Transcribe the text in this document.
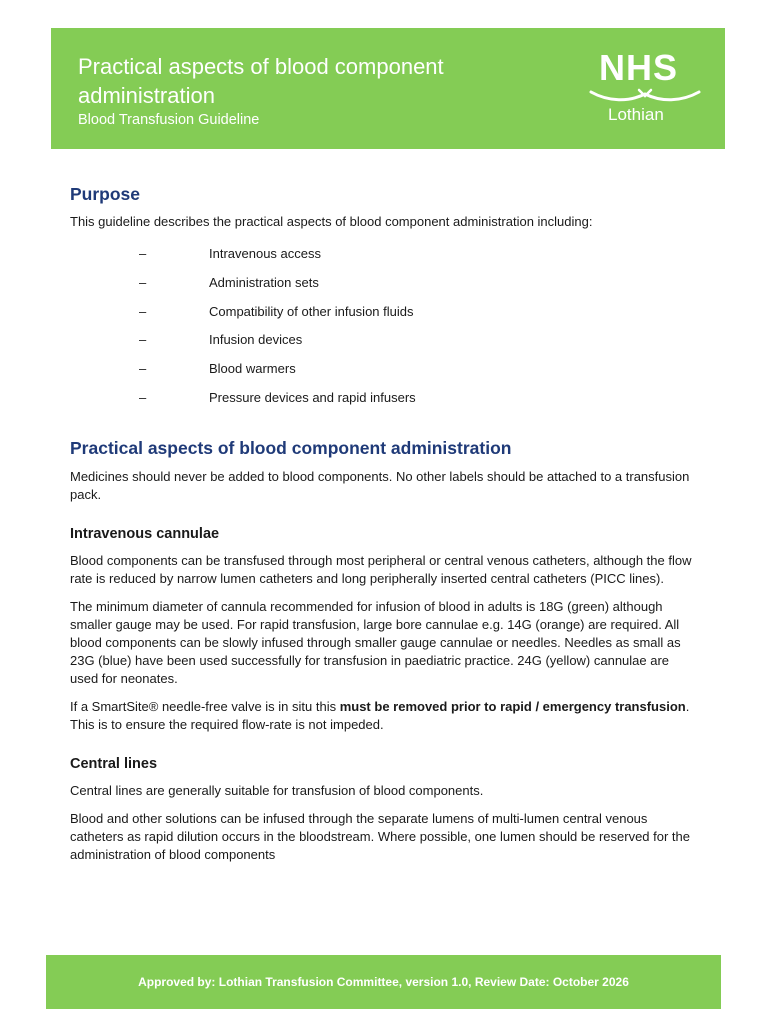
Practical aspects of blood component administration
Blood Transfusion Guideline
NHS
Lothian
Purpose

This guideline describes the practical aspects of blood component administration including:

–	Intravenous access
–	Administration sets
–	Compatibility of other infusion fluids
–	Infusion devices
–	Blood warmers
–	Pressure devices and rapid infusers
Practical aspects of blood component administration

Medicines should never be added to blood components. No other labels should be attached to a transfusion pack.

Intravenous cannulae

Blood components can be transfused through most peripheral or central venous catheters, although the flow rate is reduced by narrow lumen catheters and long peripherally inserted central catheters (PICC lines).

The minimum diameter of cannula recommended for infusion of blood in adults is 18G (green) although smaller gauge may be used. For rapid transfusion, large bore cannulae e.g. 14G (orange) are required. All blood components can be slowly infused through smaller gauge cannulae or needles. Needles as small as 23G (blue) have been used successfully for transfusion in paediatric practice. 24G (yellow) cannulae are used for neonates.

If a SmartSite® needle-free valve is in situ this must be removed prior to rapid / emergency transfusion. This is to ensure the required flow-rate is not impeded.

Central lines

Central lines are generally suitable for transfusion of blood components.

Blood and other solutions can be infused through the separate lumens of multi-lumen central venous catheters as rapid dilution occurs in the bloodstream. Where possible, one lumen should be reserved for the administration of blood components

Approved by: Lothian Transfusion Committee, version 1.0, Review Date: October 2026
